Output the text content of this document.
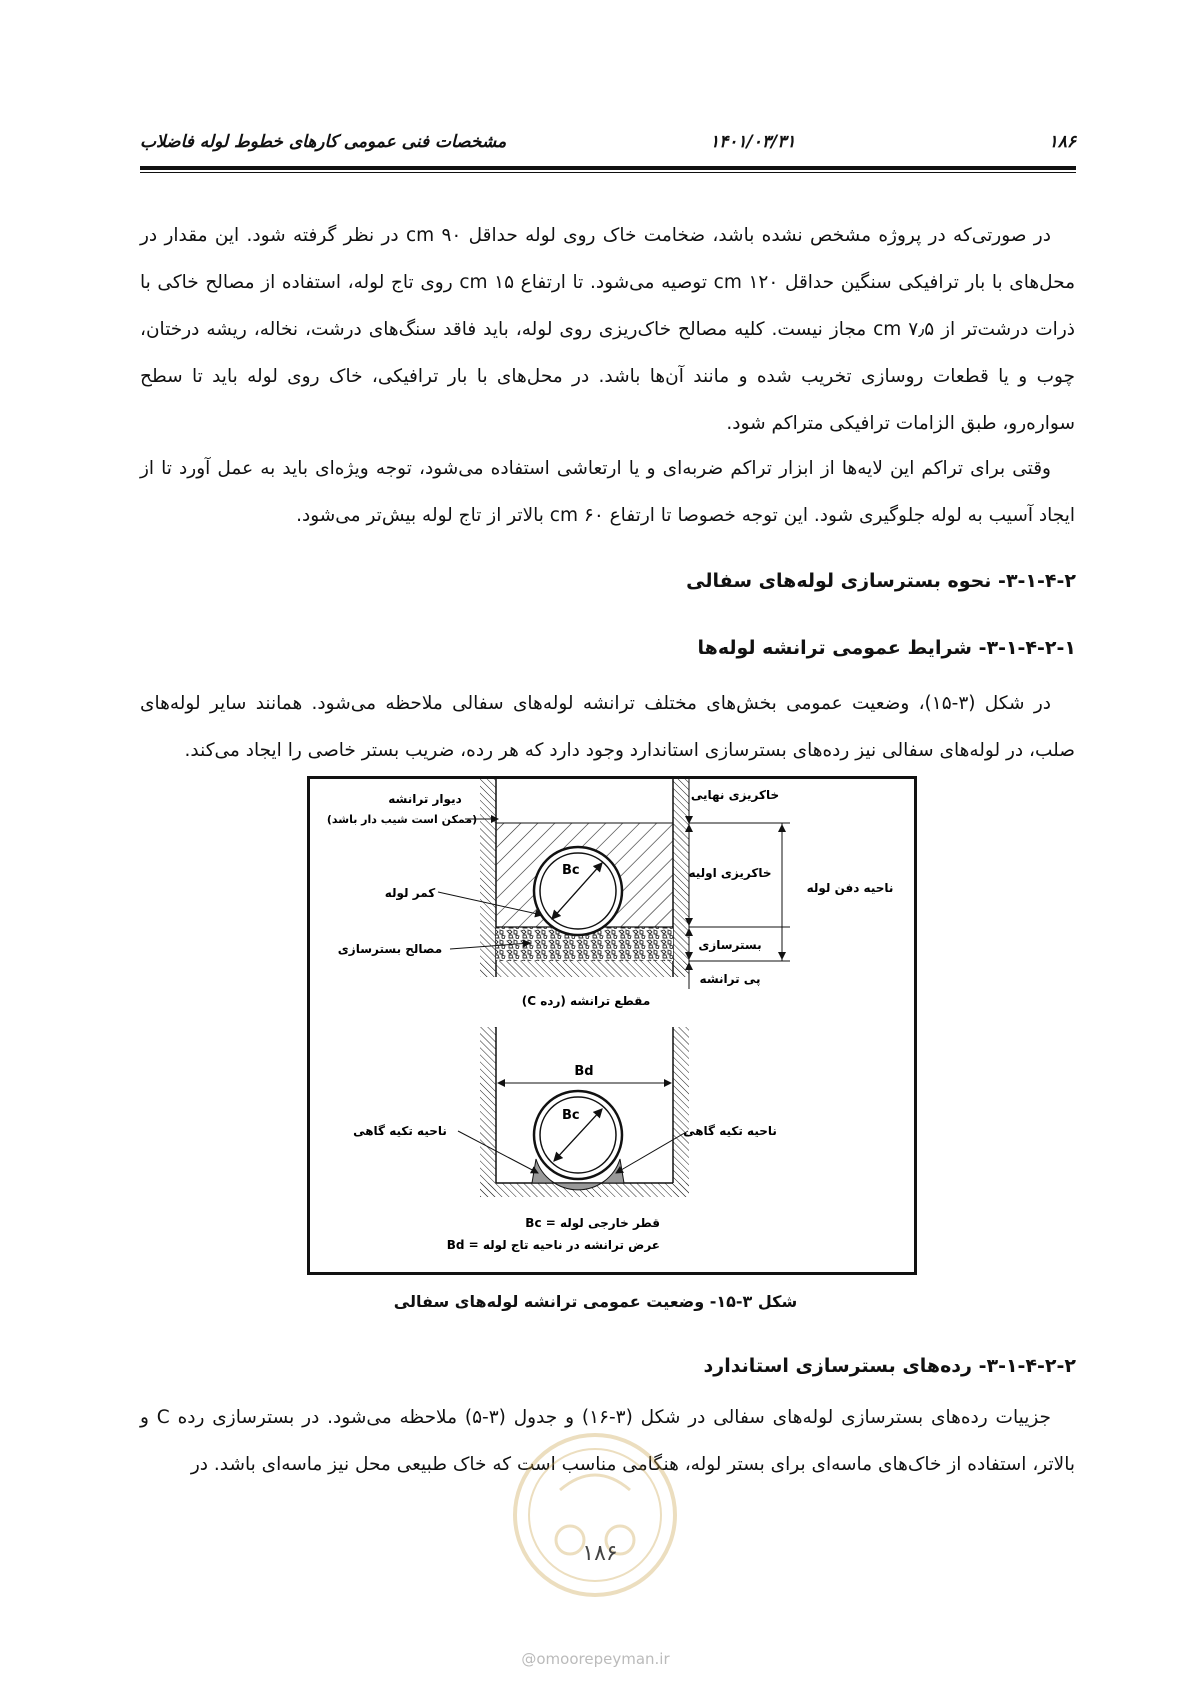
۱۸۶
۱۴۰۱/۰۳/۳۱
مشخصات فنی عمومی کارهای خطوط لوله فاضلاب
در صورتی‌که در پروژه مشخص نشده باشد، ضخامت خاک روی لوله حداقل ۹۰ cm در نظر گرفته شود. این مقدار در محل‌های با بار ترافیکی سنگین حداقل ۱۲۰ cm توصیه می‌شود. تا ارتفاع ۱۵ cm روی تاج لوله، استفاده از مصالح خاکی با ذرات درشت‌تر از ۷٫۵ cm مجاز نیست. کلیه مصالح خاک‌ریزی روی لوله، باید فاقد سنگ‌های درشت، نخاله، ریشه درختان، چوب و یا قطعات روسازی تخریب شده و مانند آن‌ها باشد. در محل‌های با بار ترافیکی، خاک روی لوله باید تا سطح سواره‌رو، طبق الزامات ترافیکی متراکم شود.
وقتی برای تراکم این لایه‌ها از ابزار تراکم ضربه‌ای و یا ارتعاشی استفاده می‌شود، توجه ویژه‌ای باید به عمل آورد تا از ایجاد آسیب به لوله جلوگیری شود. این توجه خصوصا تا ارتفاع ۶۰ cm بالاتر از تاج لوله بیش‌تر می‌شود.
۳-۱-۴-۲- نحوه بسترسازی لوله‌های سفالی
۳-۱-۴-۲-۱- شرایط عمومی ترانشه لوله‌ها
در شکل (۳-۱۵)، وضعیت عمومی بخش‌های مختلف ترانشه لوله‌های سفالی ملاحظه می‌شود. همانند سایر لوله‌های صلب، در لوله‌های سفالی نیز رده‌های بسترسازی استاندارد وجود دارد که هر رده، ضریب بستر خاصی را ایجاد می‌کند.
Bc
دیوار ترانشه
(ممکن است شیب دار باشد)
کمر لوله
مصالح بسترسازی
خاکریزی نهایی
خاکریزی اولیه
بسترسازی
پی ترانشه
ناحیه دفن لوله
مقطع ترانشه (رده C)
Bd
Bc
ناحیه تکیه گاهی	ناحیه تکیه گاهی
Bc = قطر خارجی لوله
Bd = عرض ترانشه در ناحیه تاج لوله
شکل ۳-۱۵- وضعیت عمومی ترانشه لوله‌های سفالی
۳-۱-۴-۲-۲- رده‌های بسترسازی استاندارد
جزییات رده‌های بسترسازی لوله‌های سفالی در شکل (۳-۱۶) و جدول (۳-۵) ملاحظه می‌شود. در بسترسازی رده C و بالاتر، استفاده از خاک‌های ماسه‌ای برای بستر لوله، هنگامی مناسب است که خاک طبیعی محل نیز ماسه‌ای باشد. در
۱۸۶
@omoorepeyman.ir
